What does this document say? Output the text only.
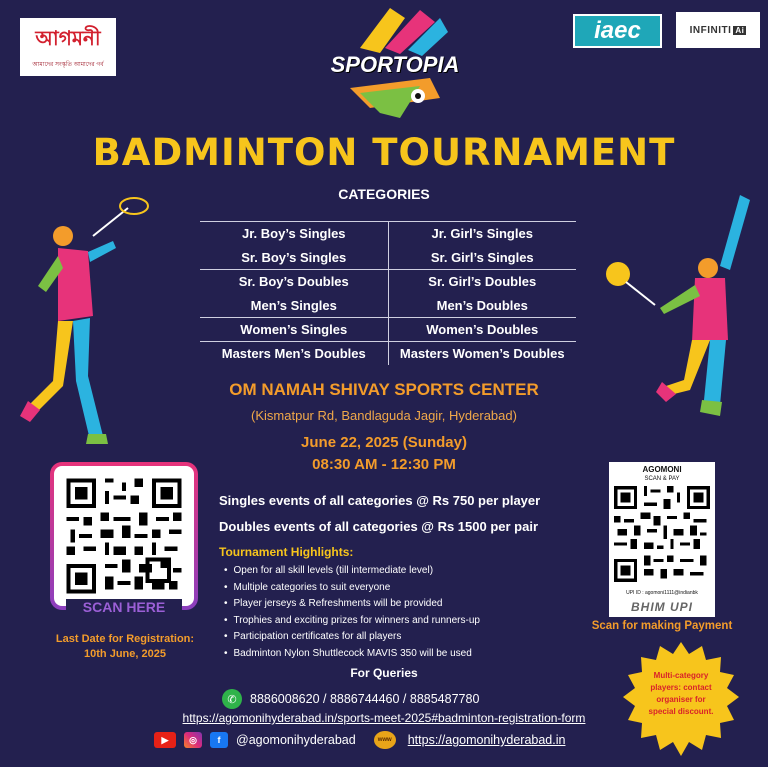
আগমনী
আমাদের সংস্কৃতি আমাদের গর্ব	SPORTOPIA
iaec	INFINITI Ai
BADMINTON TOURNAMENT
CATEGORIES
Jr. Boy’s Singles	Jr. Girl’s Singles
Sr. Boy’s Singles	Sr. Girl’s Singles
Sr. Boy’s Doubles	Sr. Girl’s Doubles
Men’s Singles	Men’s Doubles
Women’s Singles	Women’s Doubles
Masters Men’s Doubles	Masters Women’s Doubles
OM NAMAH SHIVAY SPORTS CENTER
(Kismatpur Rd, Bandlaguda Jagir, Hyderabad)
June 22, 2025 (Sunday)
08:30 AM - 12:30 PM
Singles events of all categories @ Rs 750 per player
Doubles events of all categories @ Rs 1500 per pair
Tournament Highlights:
• Open for all skill levels (till intermediate level)
• Multiple categories to suit everyone
• Player jerseys & Refreshments will be provided
• Trophies and exciting prizes for winners and runners-up
• Participation certificates for all players
• Badminton Nylon Shuttlecock MAVIS 350 will be used
SCAN HERE
Last Date for Registration:
10th June, 2025
AGOMONI
SCAN & PAY
UPI ID : agomoni1111@indianbk
BHIM UPI
Scan for making Payment
Multi-category players: contact organiser for special discount.
For Queries
✆	8886008620 / 8886744460 / 8885487780
https://agomonihyderabad.in/sports-meet-2025#badminton-registration-form
▶	◎	f	@agomonihyderabad	www	https://agomonihyderabad.in
